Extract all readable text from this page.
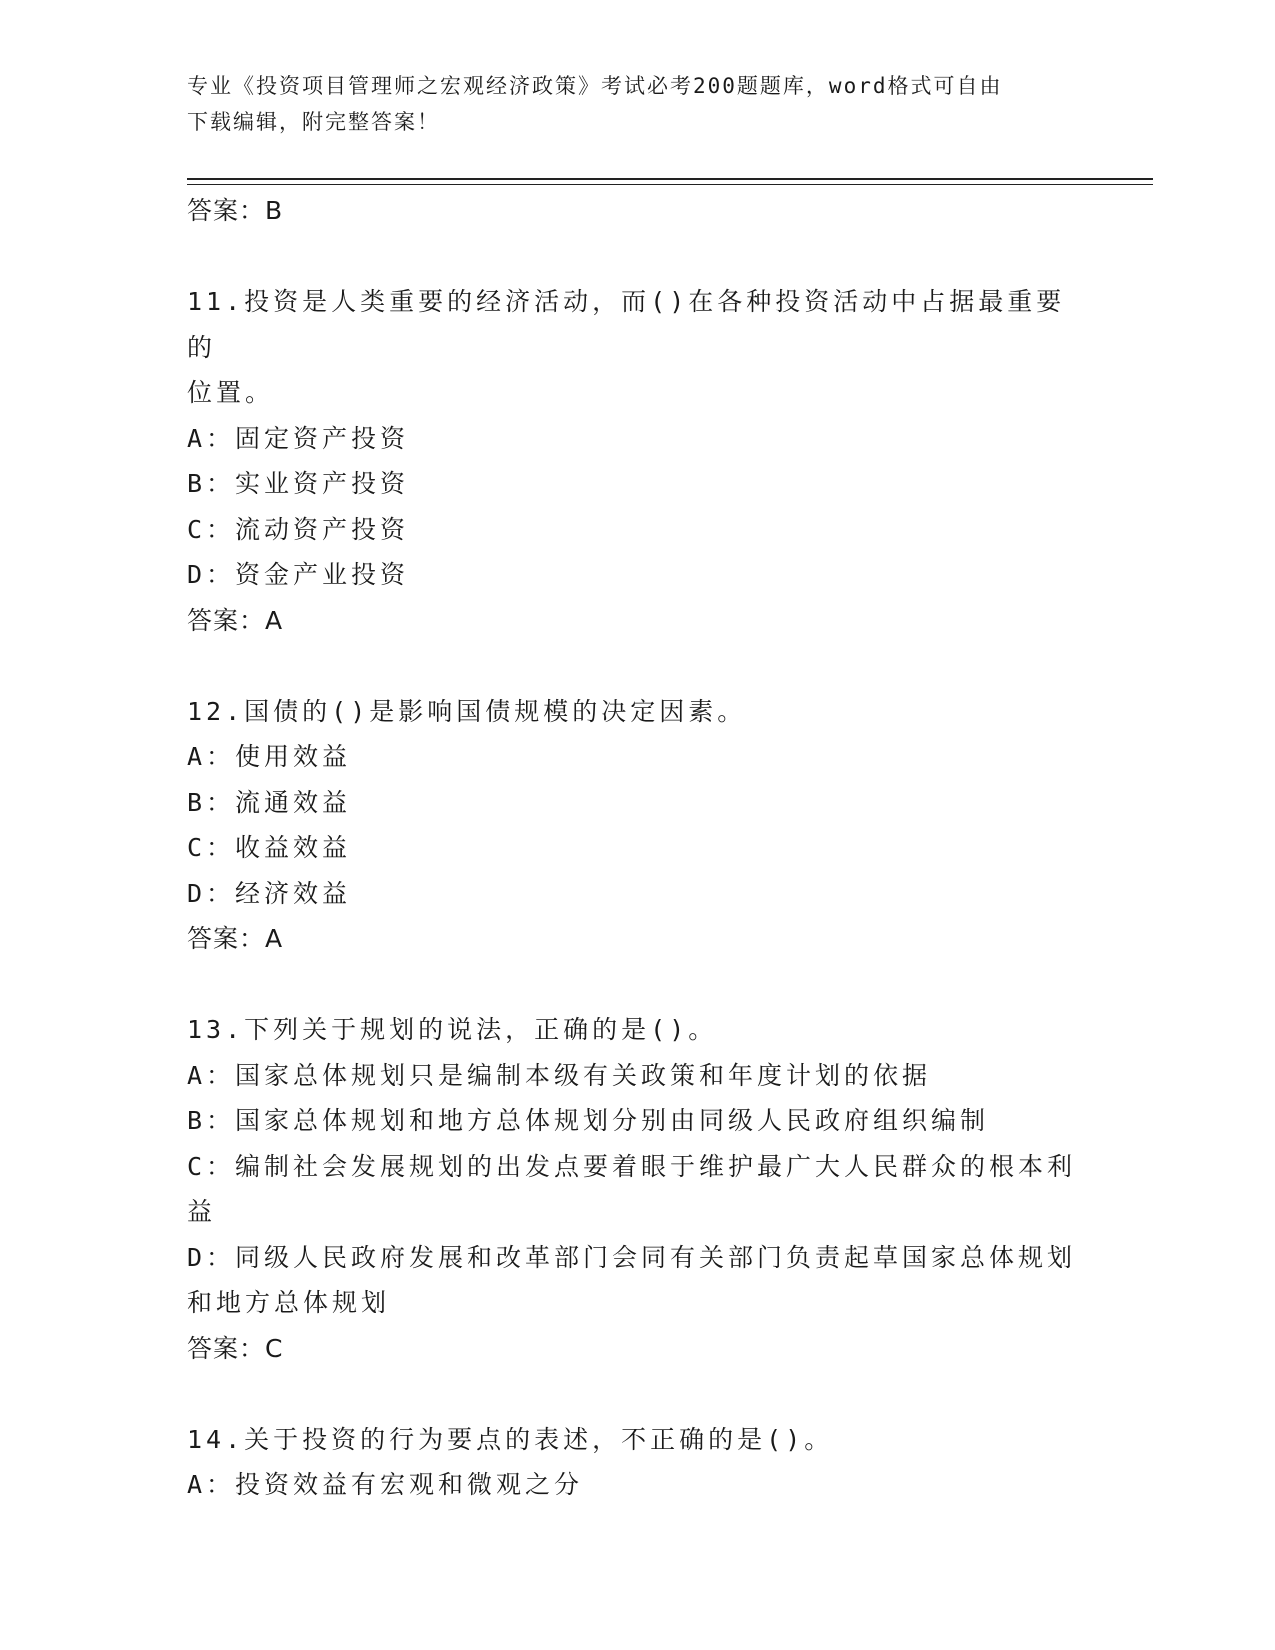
专业《投资项目管理师之宏观经济政策》考试必考200题题库，word格式可自由
下载编辑，附完整答案！
答案：B
11.投资是人类重要的经济活动，而()在各种投资活动中占据最重要的
位置。
A：固定资产投资
B：实业资产投资
C：流动资产投资
D：资金产业投资
答案：A
12.国债的()是影响国债规模的决定因素。
A：使用效益
B：流通效益
C：收益效益
D：经济效益
答案：A
13.下列关于规划的说法，正确的是()。
A：国家总体规划只是编制本级有关政策和年度计划的依据
B：国家总体规划和地方总体规划分别由同级人民政府组织编制
C：编制社会发展规划的出发点要着眼于维护最广大人民群众的根本利
益
D：同级人民政府发展和改革部门会同有关部门负责起草国家总体规划
和地方总体规划
答案：C
14.关于投资的行为要点的表述，不正确的是()。
A：投资效益有宏观和微观之分
